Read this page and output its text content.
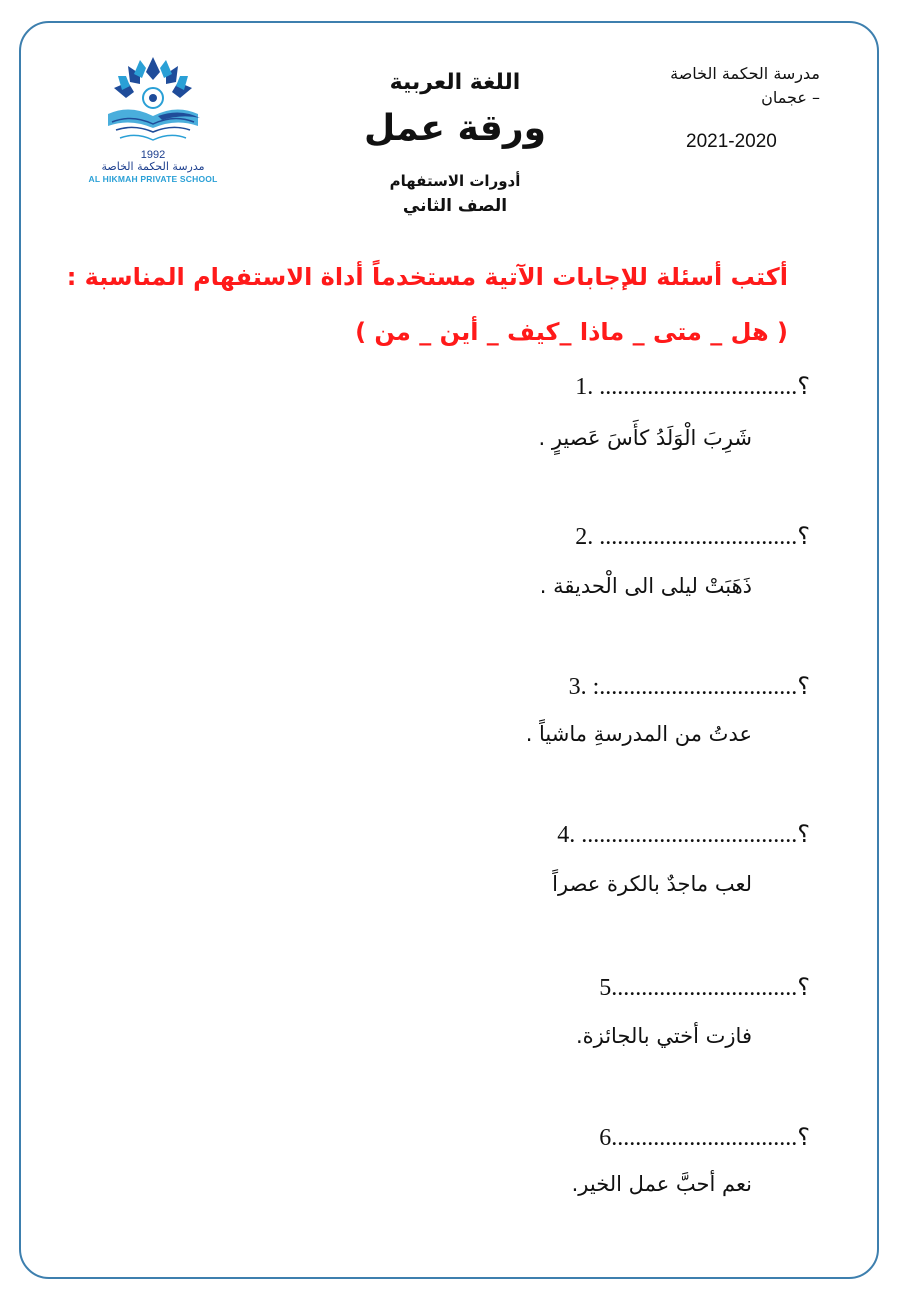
1992
مدرسة الحكمة الخاصة
AL HIKMAH PRIVATE SCHOOL
اللغة العربية
ورقة عمل
أدورات الاستفهام
الصف الثاني
مدرسة الحكمة الخاصة
– عجمان
2021-2020
أكتب أسئلة للإجابات الآتية مستخدماً أداة الاستفهام المناسبة :
( هل _ متى _ ماذا _كيف _ أين _ من )
؟................................. .1
شَرِبَ الْوَلَدُ كأَسَ عَصيرٍ .
؟................................. .2
ذَهَبَتْ ليلى الى الْحديقة .
؟.................................: .3
عدتُ من المدرسةِ ماشياً .
؟.................................... .4
لعب ماجدٌ بالكرة عصراً
؟...............................5
فازت أختي بالجائزة.
؟...............................6
نعم أحبَّ عمل الخير.
